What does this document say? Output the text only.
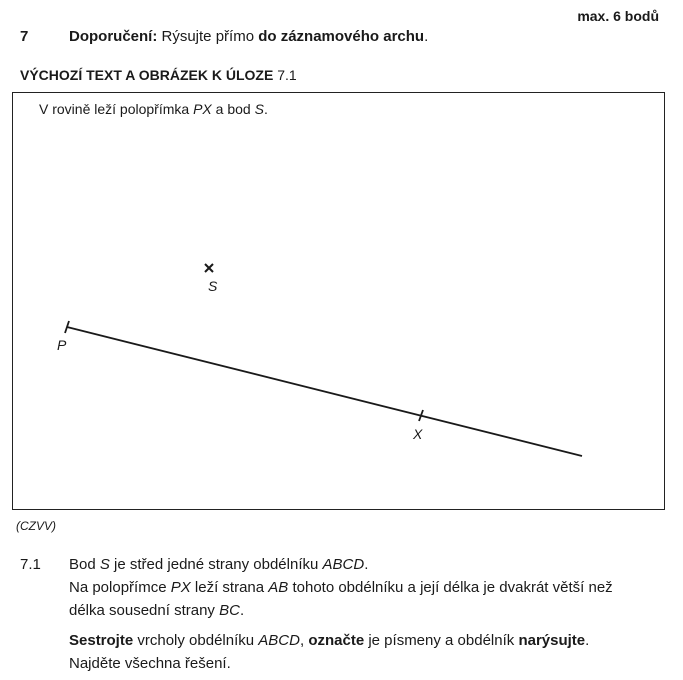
max. 6 bodů
7	Doporučení: Rýsujte přímo do záznamového archu.
VÝCHOZÍ TEXT A OBRÁZEK K ÚLOZE 7.1
S
P
X
V rovině leží polopřímka PX a bod S.
(CZVV)
7.1 Bod S je střed jedné strany obdélníku ABCD.
Na polopřímce PX leží strana AB tohoto obdélníku a její délka je dvakrát větší než
délka sousední strany BC.
Sestrojte vrcholy obdélníku ABCD, označte je písmeny a obdélník narýsujte.
Najděte všechna řešení.
